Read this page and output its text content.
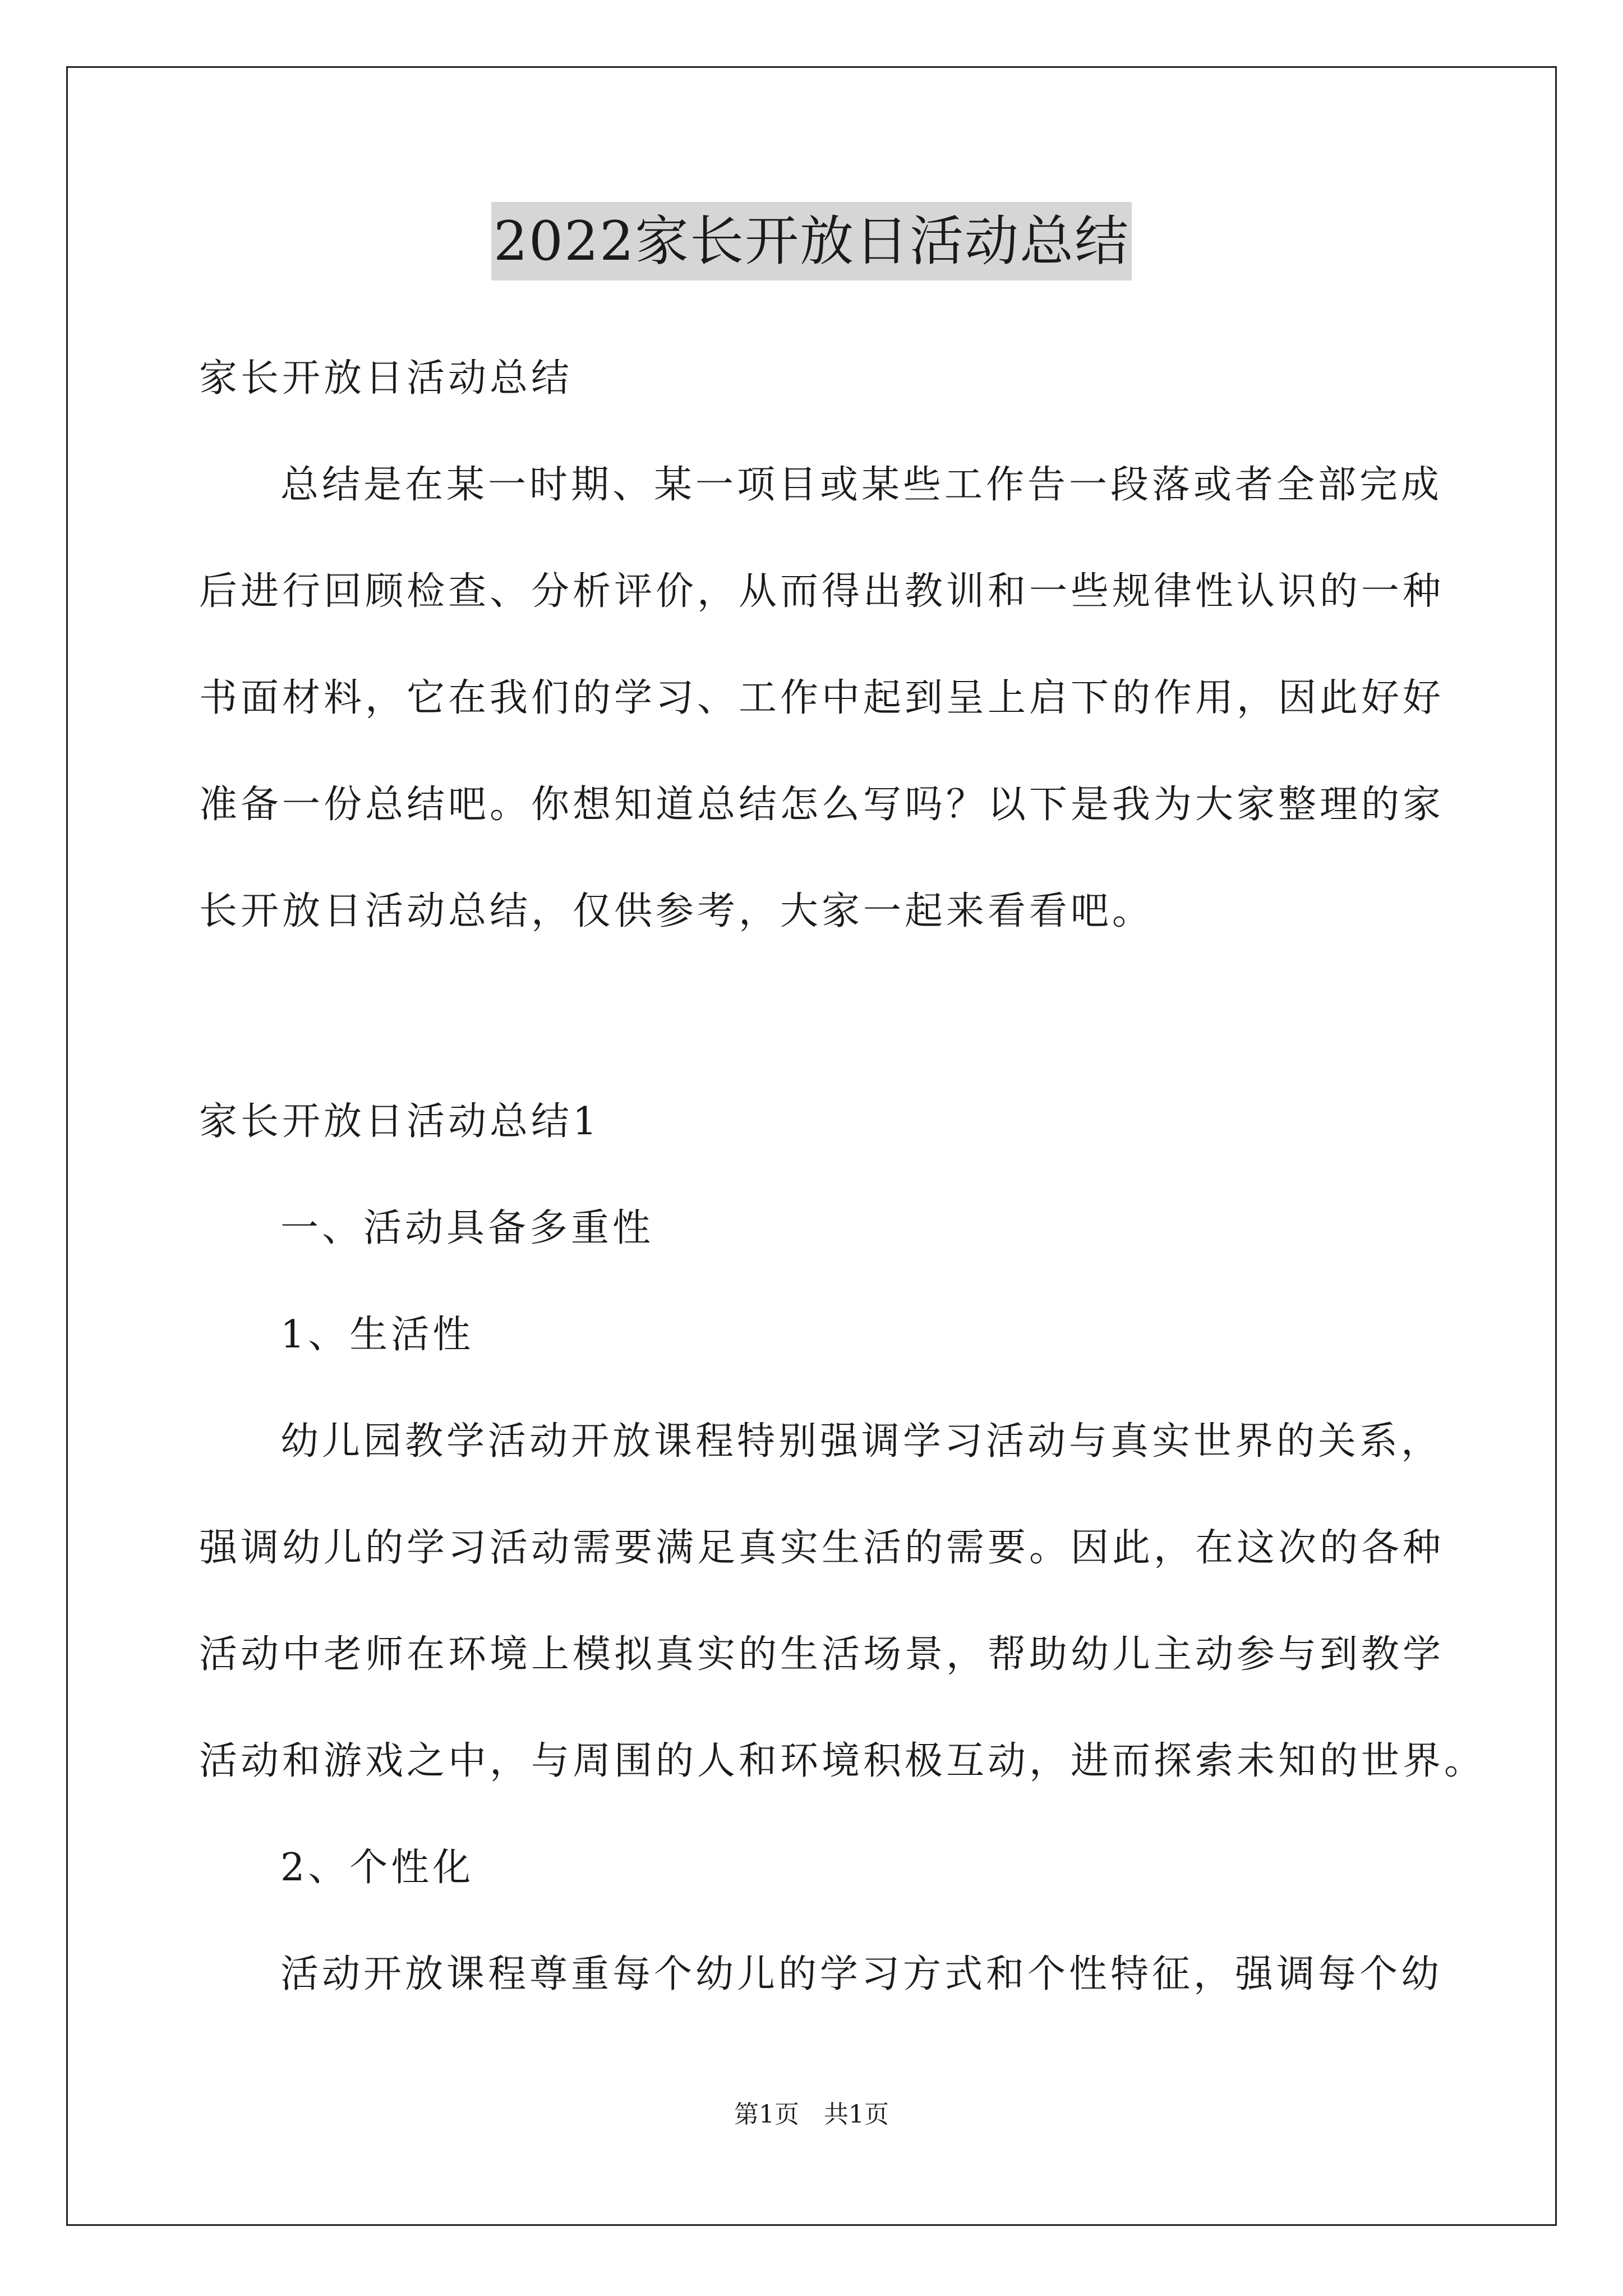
2022家长开放日活动总结
家长开放日活动总结
总结是在某一时期、某一项目或某些工作告一段落或者全部完成
后进行回顾检查、分析评价，从而得出教训和一些规律性认识的一种
书面材料，它在我们的学习、工作中起到呈上启下的作用，因此好好
准备一份总结吧。你想知道总结怎么写吗？以下是我为大家整理的家
长开放日活动总结，仅供参考，大家一起来看看吧。
家长开放日活动总结1
一、活动具备多重性
1、生活性
幼儿园教学活动开放课程特别强调学习活动与真实世界的关系，
强调幼儿的学习活动需要满足真实生活的需要。因此，在这次的各种
活动中老师在环境上模拟真实的生活场景，帮助幼儿主动参与到教学
活动和游戏之中，与周围的人和环境积极互动，进而探索未知的世界。
2、个性化
活动开放课程尊重每个幼儿的学习方式和个性特征，强调每个幼
第1页　共1页
